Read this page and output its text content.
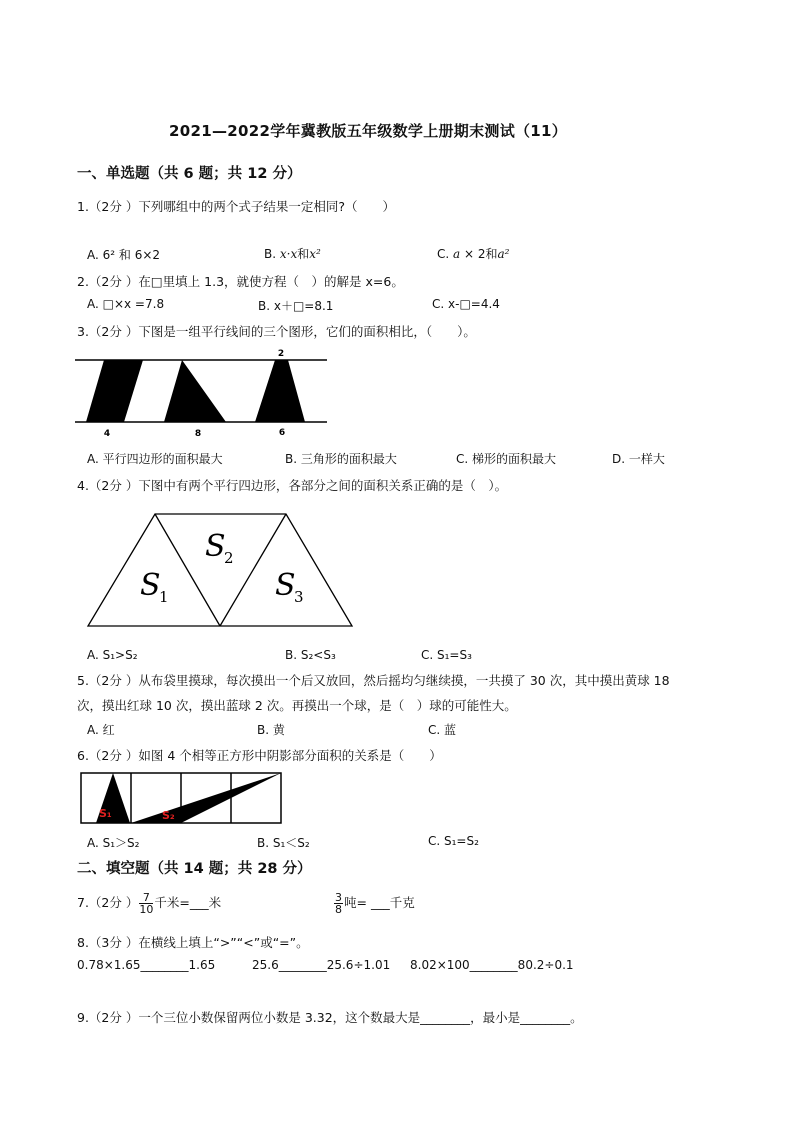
2021—2022学年冀教版五年级数学上册期末测试（11）
一、单选题（共 6 题；共 12 分）
1.（2分 ）下列哪组中的两个式子结果一定相同?（　　）
A. 6² 和 6×2	B. x·x和x²	C. a × 2和a²
2.（2分 ）在□里填上 1.3，就使方程（　）的解是 x=6。
A. □×x =7.8	B. x＋□=8.1	C. x-□=4.4
3.（2分 ）下图是一组平行线间的三个图形，它们的面积相比，（　　）。
2
4	8	6
A. 平行四边形的面积最大	B. 三角形的面积最大	C. 梯形的面积最大	D. 一样大
4.（2分 ）下图中有两个平行四边形，各部分之间的面积关系正确的是（　）。
S
1
S
2
S
3
A. S₁>S₂	B. S₂<S₃	C. S₁=S₃
5.（2分 ）从布袋里摸球，每次摸出一个后又放回，然后摇均匀继续摸，一共摸了 30 次，其中摸出黄球 18
次，摸出红球 10 次，摸出蓝球 2 次。再摸出一个球，是（　）球的可能性大。
A. 红	B. 黄	C. 蓝
6.（2分 ）如图 4 个相等正方形中阴影部分面积的关系是（　　）
S₁	S₂
A. S₁＞S₂	B. S₁＜S₂	C. S₁=S₂
二、填空题（共 14 题；共 28 分）
7.（2分 ） $\frac{7}{10}$ 千米=___米	$\frac{3}{8}$ 吨= ___千克
8.（3分 ）在横线上填上“>”“<”或“=”。
0.78×1.65________1.65	25.6________25.6÷1.01 8.02×100________80.2÷0.1
9.（2分 ）一个三位小数保留两位小数是 3.32，这个数最大是________，最小是________。
